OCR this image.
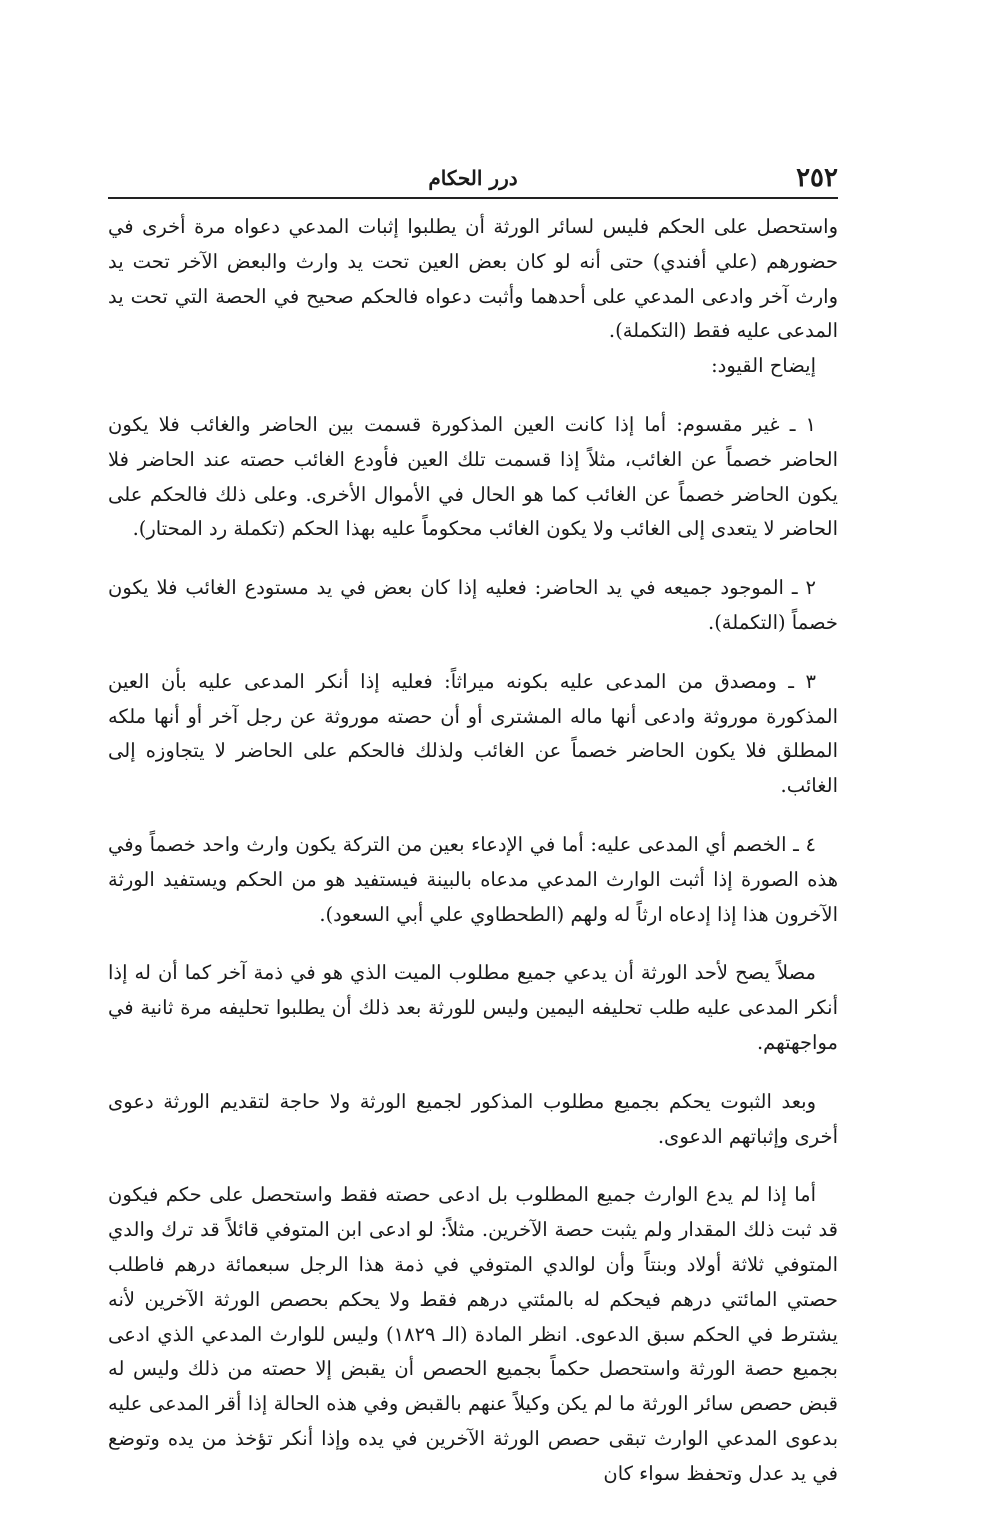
٢٥٢
درر الحكام

واستحصل على الحكم فليس لسائر الورثة أن يطلبوا إثبات المدعي دعواه مرة أخرى في حضورهم (علي أفندي) حتى أنه لو كان بعض العين تحت يد وارث والبعض الآخر تحت يد وارث آخر وادعى المدعي على أحدهما وأثبت دعواه فالحكم صحيح في الحصة التي تحت يد المدعى عليه فقط (التكملة).

إيضاح القيود:

١ ـ غير مقسوم: أما إذا كانت العين المذكورة قسمت بين الحاضر والغائب فلا يكون الحاضر خصماً عن الغائب، مثلاً إذا قسمت تلك العين فأودع الغائب حصته عند الحاضر فلا يكون الحاضر خصماً عن الغائب كما هو الحال في الأموال الأخرى. وعلى ذلك فالحكم على الحاضر لا يتعدى إلى الغائب ولا يكون الغائب محكوماً عليه بهذا الحكم (تكملة رد المحتار).

٢ ـ الموجود جميعه في يد الحاضر: فعليه إذا كان بعض في يد مستودع الغائب فلا يكون خصماً (التكملة).

٣ ـ ومصدق من المدعى عليه بكونه ميراثاً: فعليه إذا أنكر المدعى عليه بأن العين المذكورة موروثة وادعى أنها ماله المشترى أو أن حصته موروثة عن رجل آخر أو أنها ملكه المطلق فلا يكون الحاضر خصماً عن الغائب ولذلك فالحكم على الحاضر لا يتجاوزه إلى الغائب.

٤ ـ الخصم أي المدعى عليه: أما في الإدعاء بعين من التركة يكون وارث واحد خصماً وفي هذه الصورة إذا أثبت الوارث المدعي مدعاه بالبينة فيستفيد هو من الحكم ويستفيد الورثة الآخرون هذا إذا إدعاه ارثاً له ولهم (الطحطاوي علي أبي السعود).

مصلاً يصح لأحد الورثة أن يدعي جميع مطلوب الميت الذي هو في ذمة آخر كما أن له إذا أنكر المدعى عليه طلب تحليفه اليمين وليس للورثة بعد ذلك أن يطلبوا تحليفه مرة ثانية في مواجهتهم.

وبعد الثبوت يحكم بجميع مطلوب المذكور لجميع الورثة ولا حاجة لتقديم الورثة دعوى أخرى وإثباتهم الدعوى.

أما إذا لم يدع الوارث جميع المطلوب بل ادعى حصته فقط واستحصل على حكم فيكون قد ثبت ذلك المقدار ولم يثبت حصة الآخرين. مثلاً: لو ادعى ابن المتوفي قائلاً قد ترك والدي المتوفي ثلاثة أولاد وبنتاً وأن لوالدي المتوفي في ذمة هذا الرجل سبعمائة درهم فاطلب حصتي المائتي درهم فيحكم له بالمئتي درهم فقط ولا يحكم بحصص الورثة الآخرين لأنه يشترط في الحكم سبق الدعوى. انظر المادة (الـ ١٨٢٩) وليس للوارث المدعي الذي ادعى بجميع حصة الورثة واستحصل حكماً بجميع الحصص أن يقبض إلا حصته من ذلك وليس له قبض حصص سائر الورثة ما لم يكن وكيلاً عنهم بالقبض وفي هذه الحالة إذا أقر المدعى عليه بدعوى المدعي الوارث تبقى حصص الورثة الآخرين في يده وإذا أنكر تؤخذ من يده وتوضع في يد عدل وتحفظ سواء كان
